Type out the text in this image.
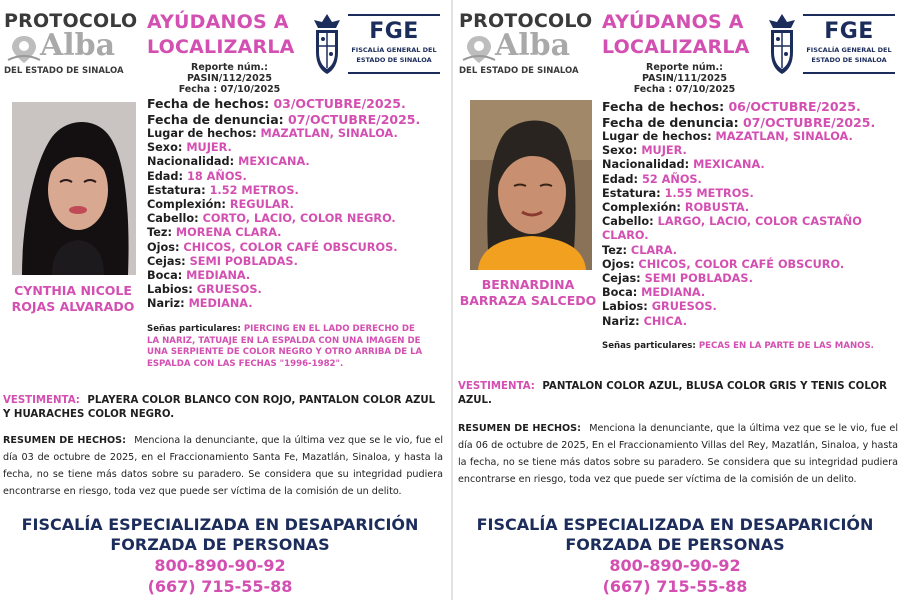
PROTOCOLO
Alba
DEL ESTADO DE SINALOA
AYÚDANOS A
LOCALIZARLA
Reporte núm.: PASIN/112/2025
Fecha : 07/10/2025
FGE
FISCALÍA GENERAL DEL
ESTADO DE SINALOA
CYNTHIA NICOLE
ROJAS ALVARADO
Fecha de hechos: 03/OCTUBRE/2025.
Fecha de denuncia: 07/OCTUBRE/2025.
Lugar de hechos: MAZATLAN, SINALOA.
Sexo: MUJER.
Nacionalidad: MEXICANA.
Edad: 18 AÑOS.
Estatura: 1.52 METROS.
Complexión: REGULAR.
Cabello: CORTO, LACIO, COLOR NEGRO.
Tez: MORENA CLARA.
Ojos: CHICOS, COLOR CAFÉ OBSCUROS.
Cejas: SEMI POBLADAS.
Boca: MEDIANA.
Labios: GRUESOS.
Nariz: MEDIANA.
Señas particulares: PIERCING EN EL LADO DERECHO DE LA NARIZ, TATUAJE EN LA ESPALDA CON UNA IMAGEN DE UNA SERPIENTE DE COLOR NEGRO Y OTRO ARRIBA DE LA ESPALDA CON LAS FECHAS "1996-1982".
VESTIMENTA: PLAYERA COLOR BLANCO CON ROJO, PANTALON COLOR AZUL Y HUARACHES COLOR NEGRO.
RESUMEN DE HECHOS: Menciona la denunciante, que la última vez que se le vio, fue el día 03 de octubre de 2025, en el Fraccionamiento Santa Fe, Mazatlán, Sinaloa, y hasta la fecha, no se tiene más datos sobre su paradero. Se considera que su integridad pudiera encontrarse en riesgo, toda vez que puede ser víctima de la comisión de un delito.
FISCALÍA ESPECIALIZADA EN DESAPARICIÓN
FORZADA DE PERSONAS
800-890-90-92
(667) 715-55-88
PROTOCOLO
Alba
DEL ESTADO DE SINALOA
AYÚDANOS A
LOCALIZARLA
Reporte núm.: PASIN/111/2025
Fecha : 07/10/2025
FGE
FISCALÍA GENERAL DEL
ESTADO DE SINALOA
BERNARDINA
BARRAZA SALCEDO
Fecha de hechos: 06/OCTUBRE/2025.
Fecha de denuncia: 07/OCTUBRE/2025.
Lugar de hechos: MAZATLAN, SINALOA.
Sexo: MUJER.
Nacionalidad: MEXICANA.
Edad: 52 AÑOS.
Estatura: 1.55 METROS.
Complexión: ROBUSTA.
Cabello: LARGO, LACIO, COLOR CASTAÑO CLARO.
Tez: CLARA.
Ojos: CHICOS, COLOR CAFÉ OBSCURO.
Cejas: SEMI POBLADAS.
Boca: MEDIANA.
Labios: GRUESOS.
Nariz: CHICA.
Señas particulares: PECAS EN LA PARTE DE LAS MANOS.
VESTIMENTA: PANTALON COLOR AZUL, BLUSA COLOR GRIS Y TENIS COLOR AZUL.
RESUMEN DE HECHOS: Menciona la denunciante, que la última vez que se le vio, fue el día 06 de octubre de 2025, En el Fraccionamiento Villas del Rey, Mazatlán, Sinaloa, y hasta la fecha, no se tiene más datos sobre su paradero. Se considera que su integridad pudiera encontrarse en riesgo, toda vez que puede ser víctima de la comisión de un delito.
FISCALÍA ESPECIALIZADA EN DESAPARICIÓN
FORZADA DE PERSONAS
800-890-90-92
(667) 715-55-88
